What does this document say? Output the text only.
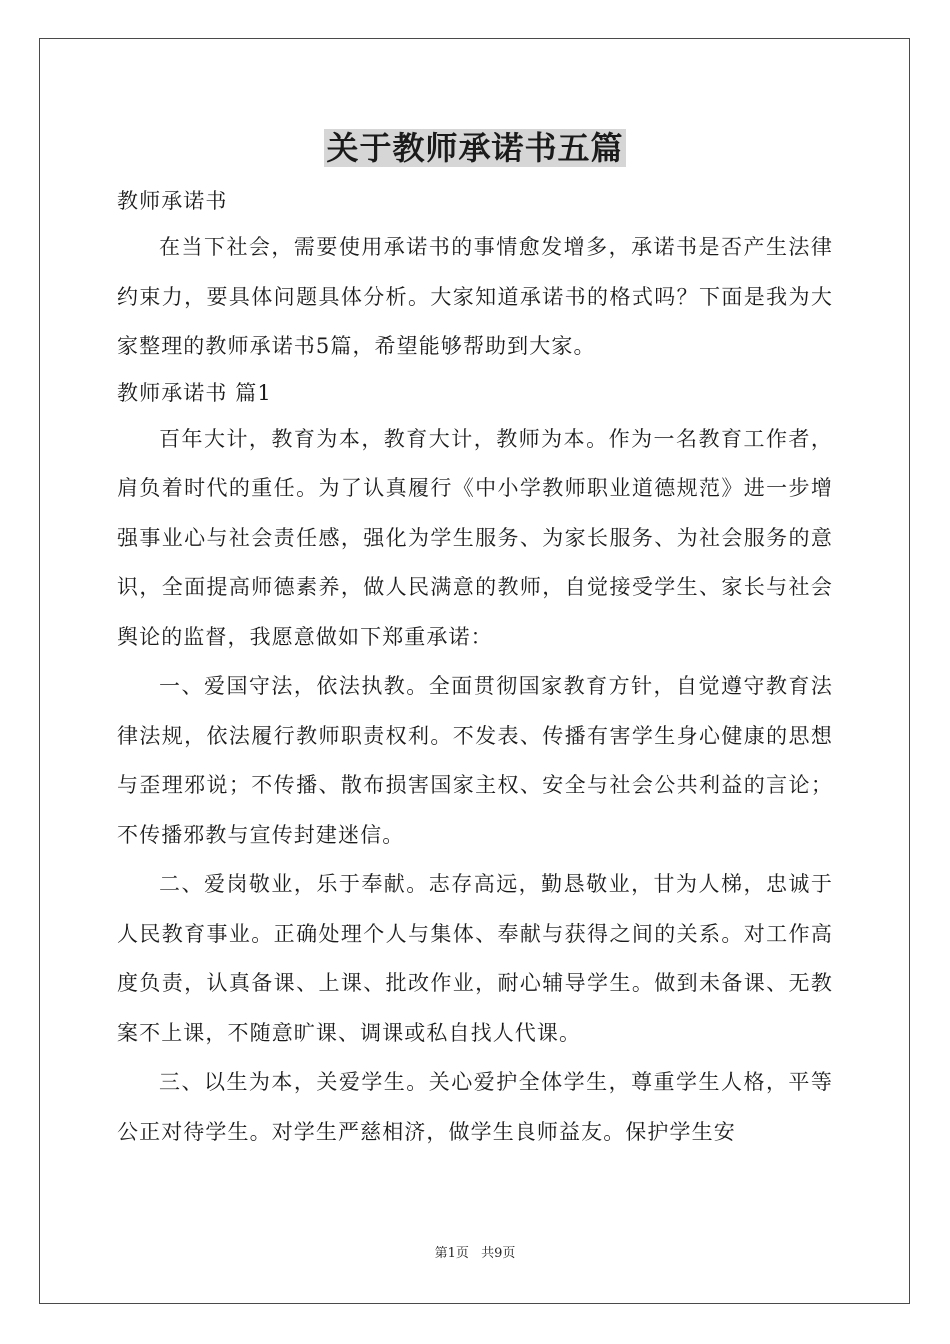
关于教师承诺书五篇

教师承诺书

在当下社会，需要使用承诺书的事情愈发增多，承诺书是否产生法律约束力，要具体问题具体分析。大家知道承诺书的格式吗？下面是我为大家整理的教师承诺书5篇，希望能够帮助到大家。

教师承诺书 篇1

百年大计，教育为本，教育大计，教师为本。作为一名教育工作者，肩负着时代的重任。为了认真履行《中小学教师职业道德规范》进一步增强事业心与社会责任感，强化为学生服务、为家长服务、为社会服务的意识，全面提高师德素养，做人民满意的教师，自觉接受学生、家长与社会舆论的监督，我愿意做如下郑重承诺：

一、爱国守法，依法执教。全面贯彻国家教育方针，自觉遵守教育法律法规，依法履行教师职责权利。不发表、传播有害学生身心健康的思想与歪理邪说；不传播、散布损害国家主权、安全与社会公共利益的言论；不传播邪教与宣传封建迷信。

二、爱岗敬业，乐于奉献。志存高远，勤恳敬业，甘为人梯，忠诚于人民教育事业。正确处理个人与集体、奉献与获得之间的关系。对工作高度负责，认真备课、上课、批改作业，耐心辅导学生。做到未备课、无教案不上课，不随意旷课、调课或私自找人代课。

三、以生为本，关爱学生。关心爱护全体学生，尊重学生人格，平等公正对待学生。对学生严慈相济，做学生良师益友。保护学生安

第1页 共9页
